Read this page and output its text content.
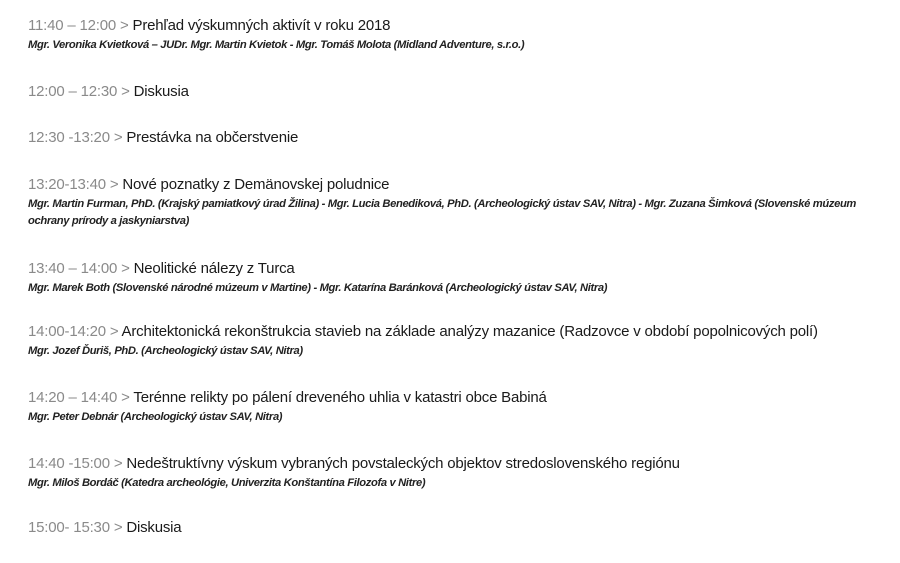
11:40 – 12:00 > Prehľad výskumných aktivít v roku 2018
Mgr. Veronika Kvietková – JUDr. Mgr. Martin Kvietok - Mgr. Tomáš Molota (Midland Adventure, s.r.o.)
12:00 – 12:30 > Diskusia
12:30 -13:20 > Prestávka na občerstvenie
13:20-13:40 > Nové poznatky z Demänovskej poludnice
Mgr. Martin Furman, PhD. (Krajský pamiatkový úrad Žilina) - Mgr. Lucia Benediková, PhD. (Archeologický ústav SAV, Nitra) - Mgr. Zuzana Šimková (Slovenské múzeum ochrany prírody a jaskyniarstva)
13:40 – 14:00 > Neolitické nálezy z Turca
Mgr. Marek Both (Slovenské národné múzeum v Martine) - Mgr. Katarína Baránková (Archeologický ústav SAV, Nitra)
14:00-14:20 > Architektonická rekonštrukcia stavieb na základe analýzy mazanice (Radzovce v období popolnicových polí)
Mgr. Jozef Ďuriš, PhD. (Archeologický ústav SAV, Nitra)
14:20 – 14:40 > Terénne relikty po pálení dreveného uhlia v katastri obce Babiná
Mgr. Peter Debnár (Archeologický ústav SAV, Nitra)
14:40 -15:00 > Nedeštruktívny výskum vybraných povstaleckých objektov stredoslovenského regiónu
Mgr. Miloš Bordáč (Katedra archeológie, Univerzita Konštantína Filozofa v Nitre)
15:00- 15:30 > Diskusia
